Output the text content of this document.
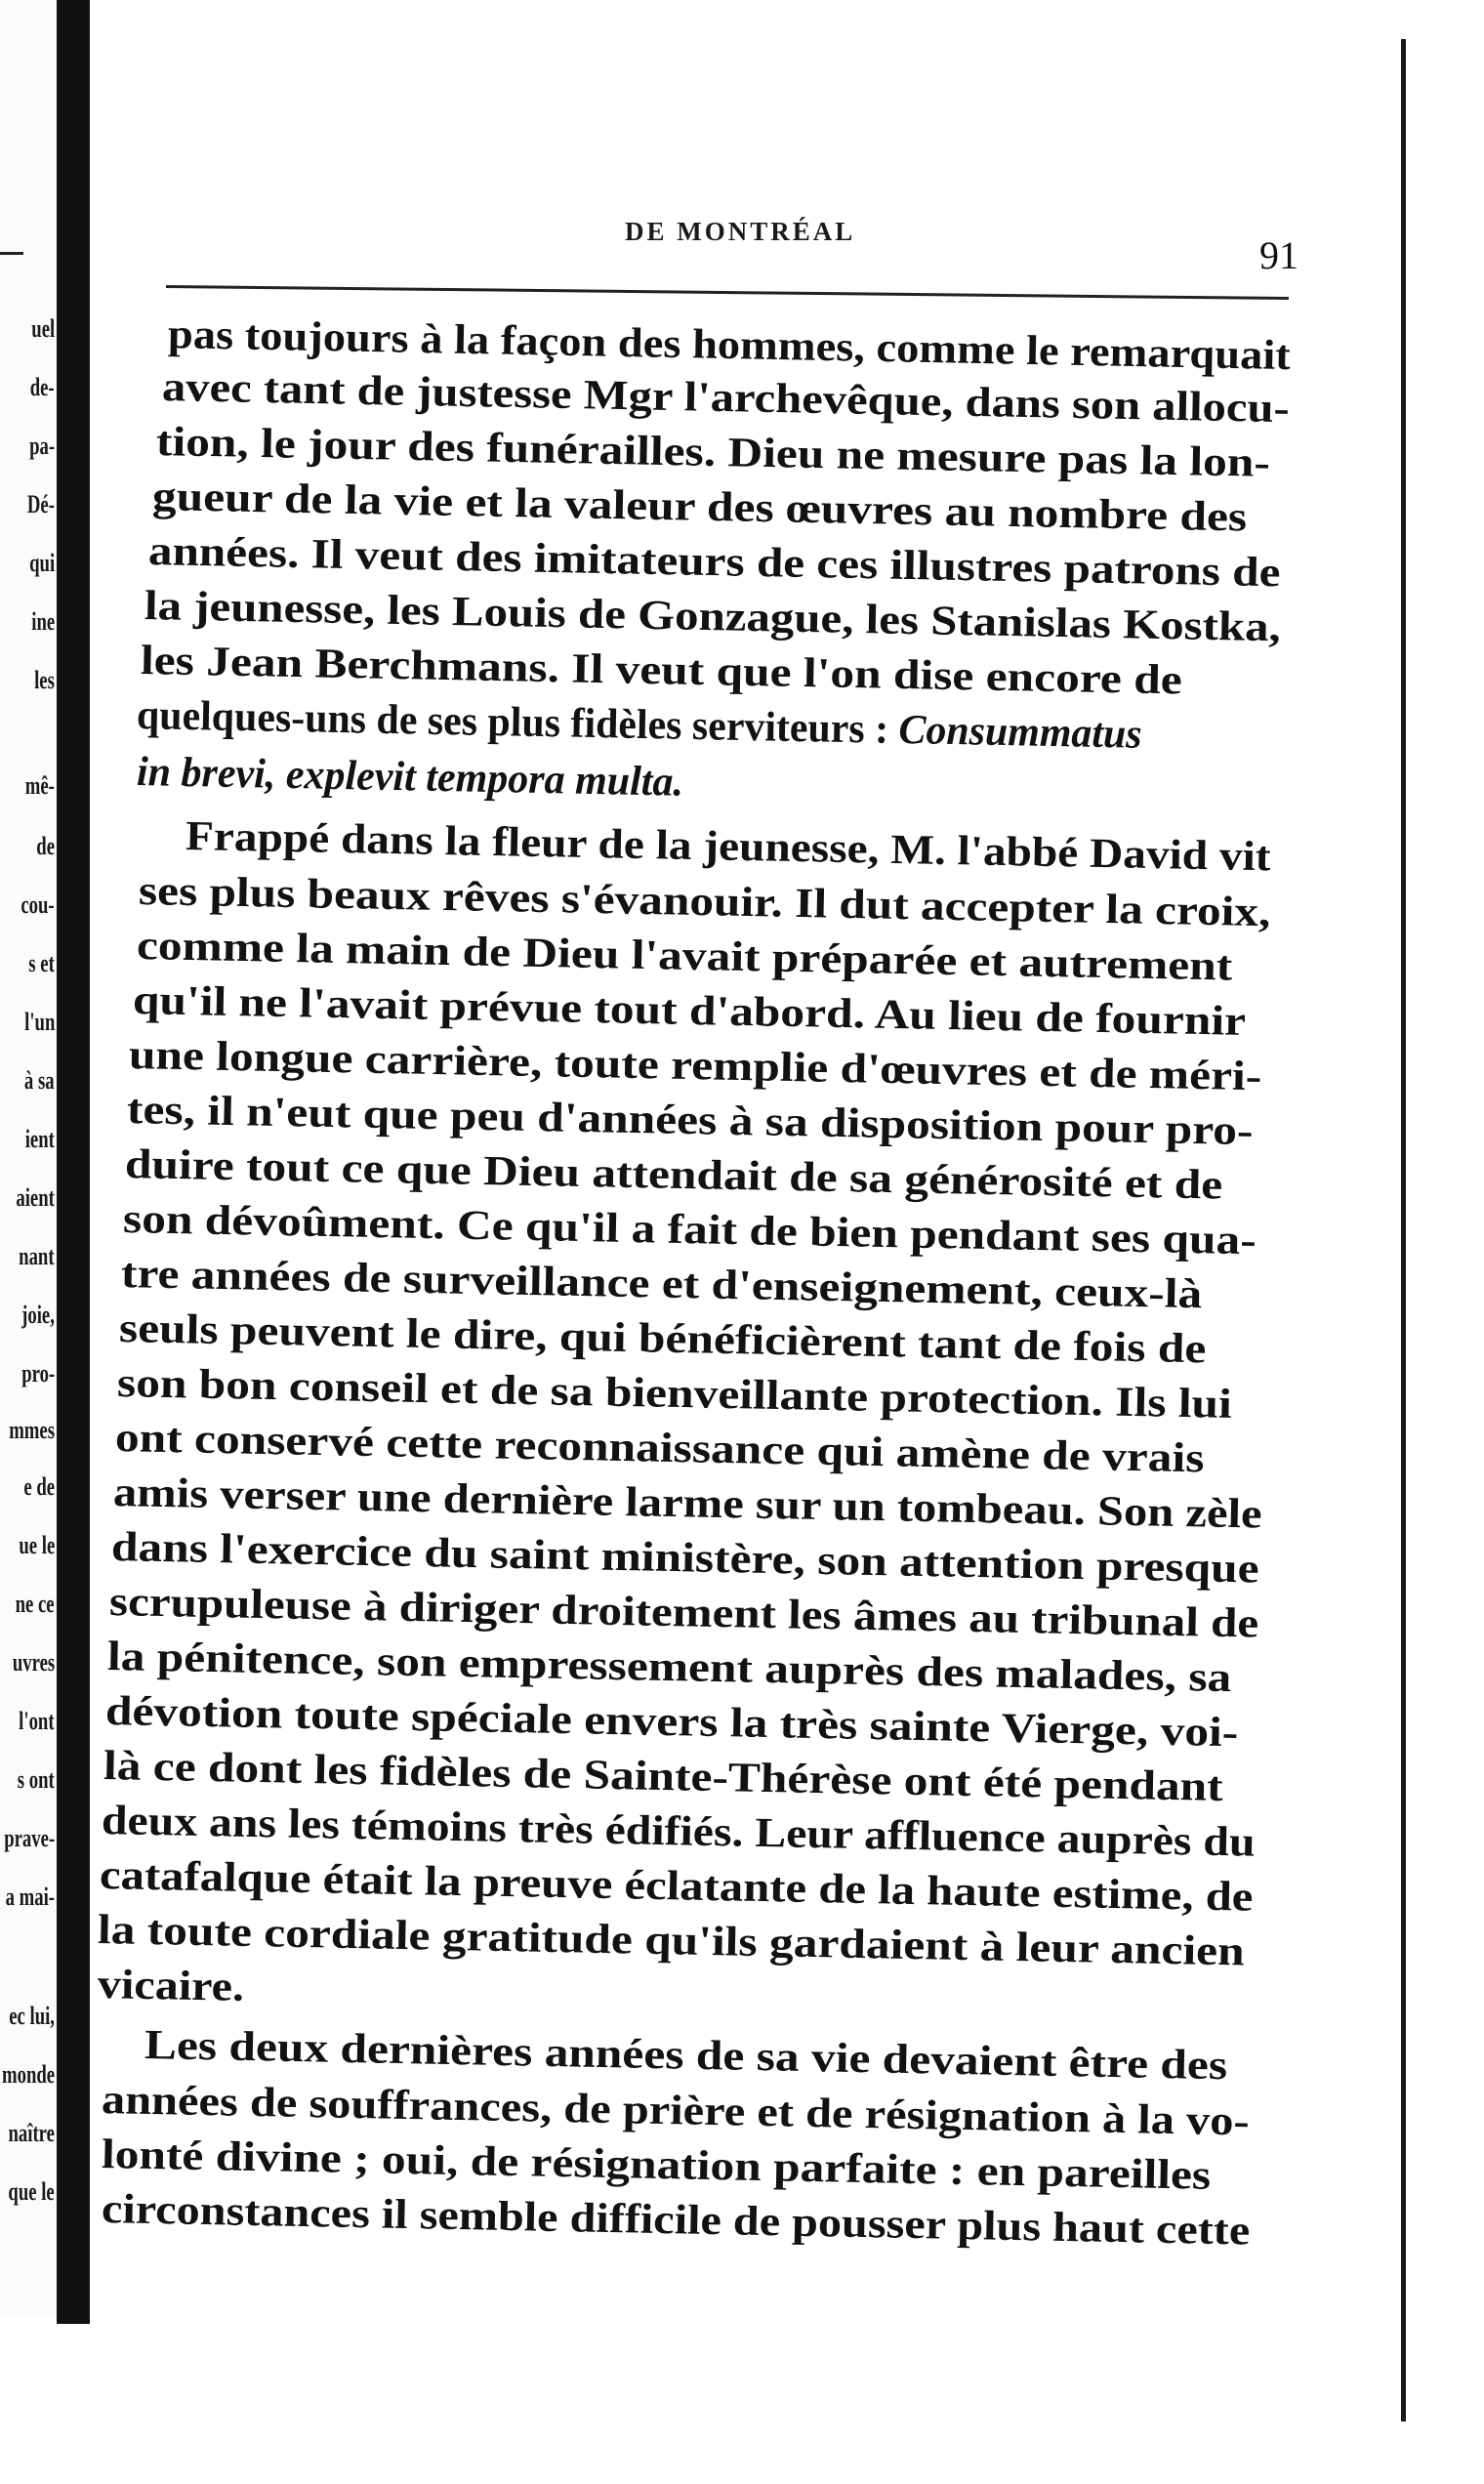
uel
de-
pa-
Dé-
qui
ine
les
mê-
de
cou-
s et
l'un
à sa
ient
aient
nant
joie,
pro-
mmes
e de
ue le
ne ce
uvres
l'ont
s ont
prave-
a mai-
ec lui,
monde
naître
que le
DE MONTRÉAL
91
pas toujours à la façon des hommes, comme le remarquait
avec tant de justesse Mgr l'archevêque, dans son allocu-
tion, le jour des funérailles. Dieu ne mesure pas la lon-
gueur de la vie et la valeur des œuvres au nombre des
années. Il veut des imitateurs de ces illustres patrons de
la jeunesse, les Louis de Gonzague, les Stanislas Kostka,
les Jean Berchmans. Il veut que l'on dise encore de
quelques-uns de ses plus fidèles serviteurs : Consummatus
in brevi, explevit tempora multa.
Frappé dans la fleur de la jeunesse, M. l'abbé David vit
ses plus beaux rêves s'évanouir. Il dut accepter la croix,
comme la main de Dieu l'avait préparée et autrement
qu'il ne l'avait prévue tout d'abord. Au lieu de fournir
une longue carrière, toute remplie d'œuvres et de méri-
tes, il n'eut que peu d'années à sa disposition pour pro-
duire tout ce que Dieu attendait de sa générosité et de
son dévoûment. Ce qu'il a fait de bien pendant ses qua-
tre années de surveillance et d'enseignement, ceux-là
seuls peuvent le dire, qui bénéficièrent tant de fois de
son bon conseil et de sa bienveillante protection. Ils lui
ont conservé cette reconnaissance qui amène de vrais
amis verser une dernière larme sur un tombeau. Son zèle
dans l'exercice du saint ministère, son attention presque
scrupuleuse à diriger droitement les âmes au tribunal de
la pénitence, son empressement auprès des malades, sa
dévotion toute spéciale envers la très sainte Vierge, voi-
là ce dont les fidèles de Sainte-Thérèse ont été pendant
deux ans les témoins très édifiés. Leur affluence auprès du
catafalque était la preuve éclatante de la haute estime, de
la toute cordiale gratitude qu'ils gardaient à leur ancien
vicaire.
Les deux dernières années de sa vie devaient être des
années de souffrances, de prière et de résignation à la vo-
lonté divine ; oui, de résignation parfaite : en pareilles
circonstances il semble difficile de pousser plus haut cette
